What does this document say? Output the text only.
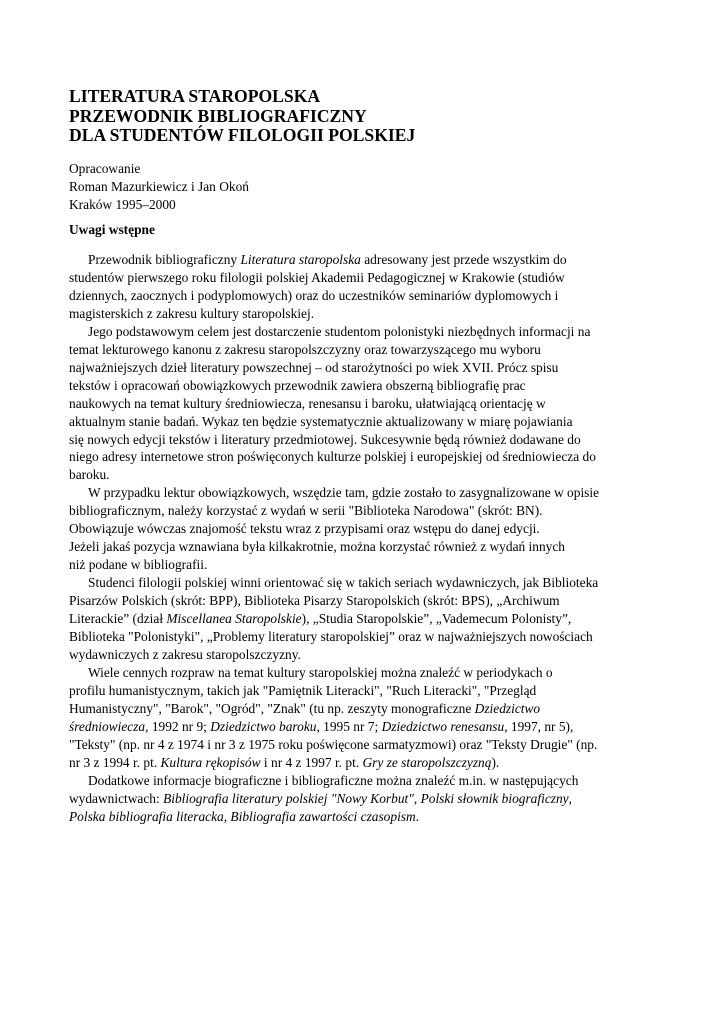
LITERATURA STAROPOLSKA
PRZEWODNIK BIBLIOGRAFICZNY
DLA STUDENTÓW FILOLOGII POLSKIEJ
Opracowanie
Roman Mazurkiewicz i Jan Okoń
Kraków 1995–2000
Uwagi wstępne
Przewodnik bibliograficzny Literatura staropolska adresowany jest przede wszystkim do
studentów pierwszego roku filologii polskiej Akademii Pedagogicznej w Krakowie (studiów
dziennych, zaocznych i podyplomowych) oraz do uczestników seminariów dyplomowych i
magisterskich z zakresu kultury staropolskiej.
Jego podstawowym celem jest dostarczenie studentom polonistyki niezbędnych informacji na
temat lekturowego kanonu z zakresu staropolszczyzny oraz towarzyszącego mu wyboru
najważniejszych dzieł literatury powszechnej – od starożytności po wiek XVII. Prócz spisu
tekstów i opracowań obowiązkowych przewodnik zawiera obszerną bibliografię prac
naukowych na temat kultury średniowiecza, renesansu i baroku, ułatwiającą orientację w
aktualnym stanie badań. Wykaz ten będzie systematycznie aktualizowany w miarę pojawiania
się nowych edycji tekstów i literatury przedmiotowej. Sukcesywnie będą również dodawane do
niego adresy internetowe stron poświęconych kulturze polskiej i europejskiej od średniowiecza do
baroku.
W przypadku lektur obowiązkowych, wszędzie tam, gdzie zostało to zasygnalizowane w opisie
bibliograficznym, należy korzystać z wydań w serii "Biblioteka Narodowa" (skrót: BN).
Obowiązuje wówczas znajomość tekstu wraz z przypisami oraz wstępu do danej edycji.
Jeżeli jakaś pozycja wznawiana była kilkakrotnie, można korzystać również z wydań innych
niż podane w bibliografii.
Studenci filologii polskiej winni orientować się w takich seriach wydawniczych, jak Biblioteka
Pisarzów Polskich (skrót: BPP), Biblioteka Pisarzy Staropolskich (skrót: BPS), „Archiwum
Literackie” (dział Miscellanea Staropolskie), „Studia Staropolskie”, „Vademecum Polonisty”,
Biblioteka "Polonistyki", „Problemy literatury staropolskiej” oraz w najważniejszych nowościach
wydawniczych z zakresu staropolszczyzny.
Wiele cennych rozpraw na temat kultury staropolskiej można znaleźć w periodykach o
profilu humanistycznym, takich jak "Pamiętnik Literacki", "Ruch Literacki", "Przegląd
Humanistyczny", "Barok", "Ogród", "Znak" (tu np. zeszyty monograficzne Dziedzictwo
średniowiecza, 1992 nr 9; Dziedzictwo baroku, 1995 nr 7; Dziedzictwo renesansu, 1997, nr 5),
"Teksty" (np. nr 4 z 1974 i nr 3 z 1975 roku poświęcone sarmatyzmowi) oraz "Teksty Drugie" (np.
nr 3 z 1994 r. pt. Kultura rękopisów i nr 4 z 1997 r. pt. Gry ze staropolszczyzną).
Dodatkowe informacje biograficzne i bibliograficzne można znaleźć m.in. w następujących
wydawnictwach: Bibliografia literatury polskiej "Nowy Korbut", Polski słownik biograficzny,
Polska bibliografia literacka, Bibliografia zawartości czasopism.
